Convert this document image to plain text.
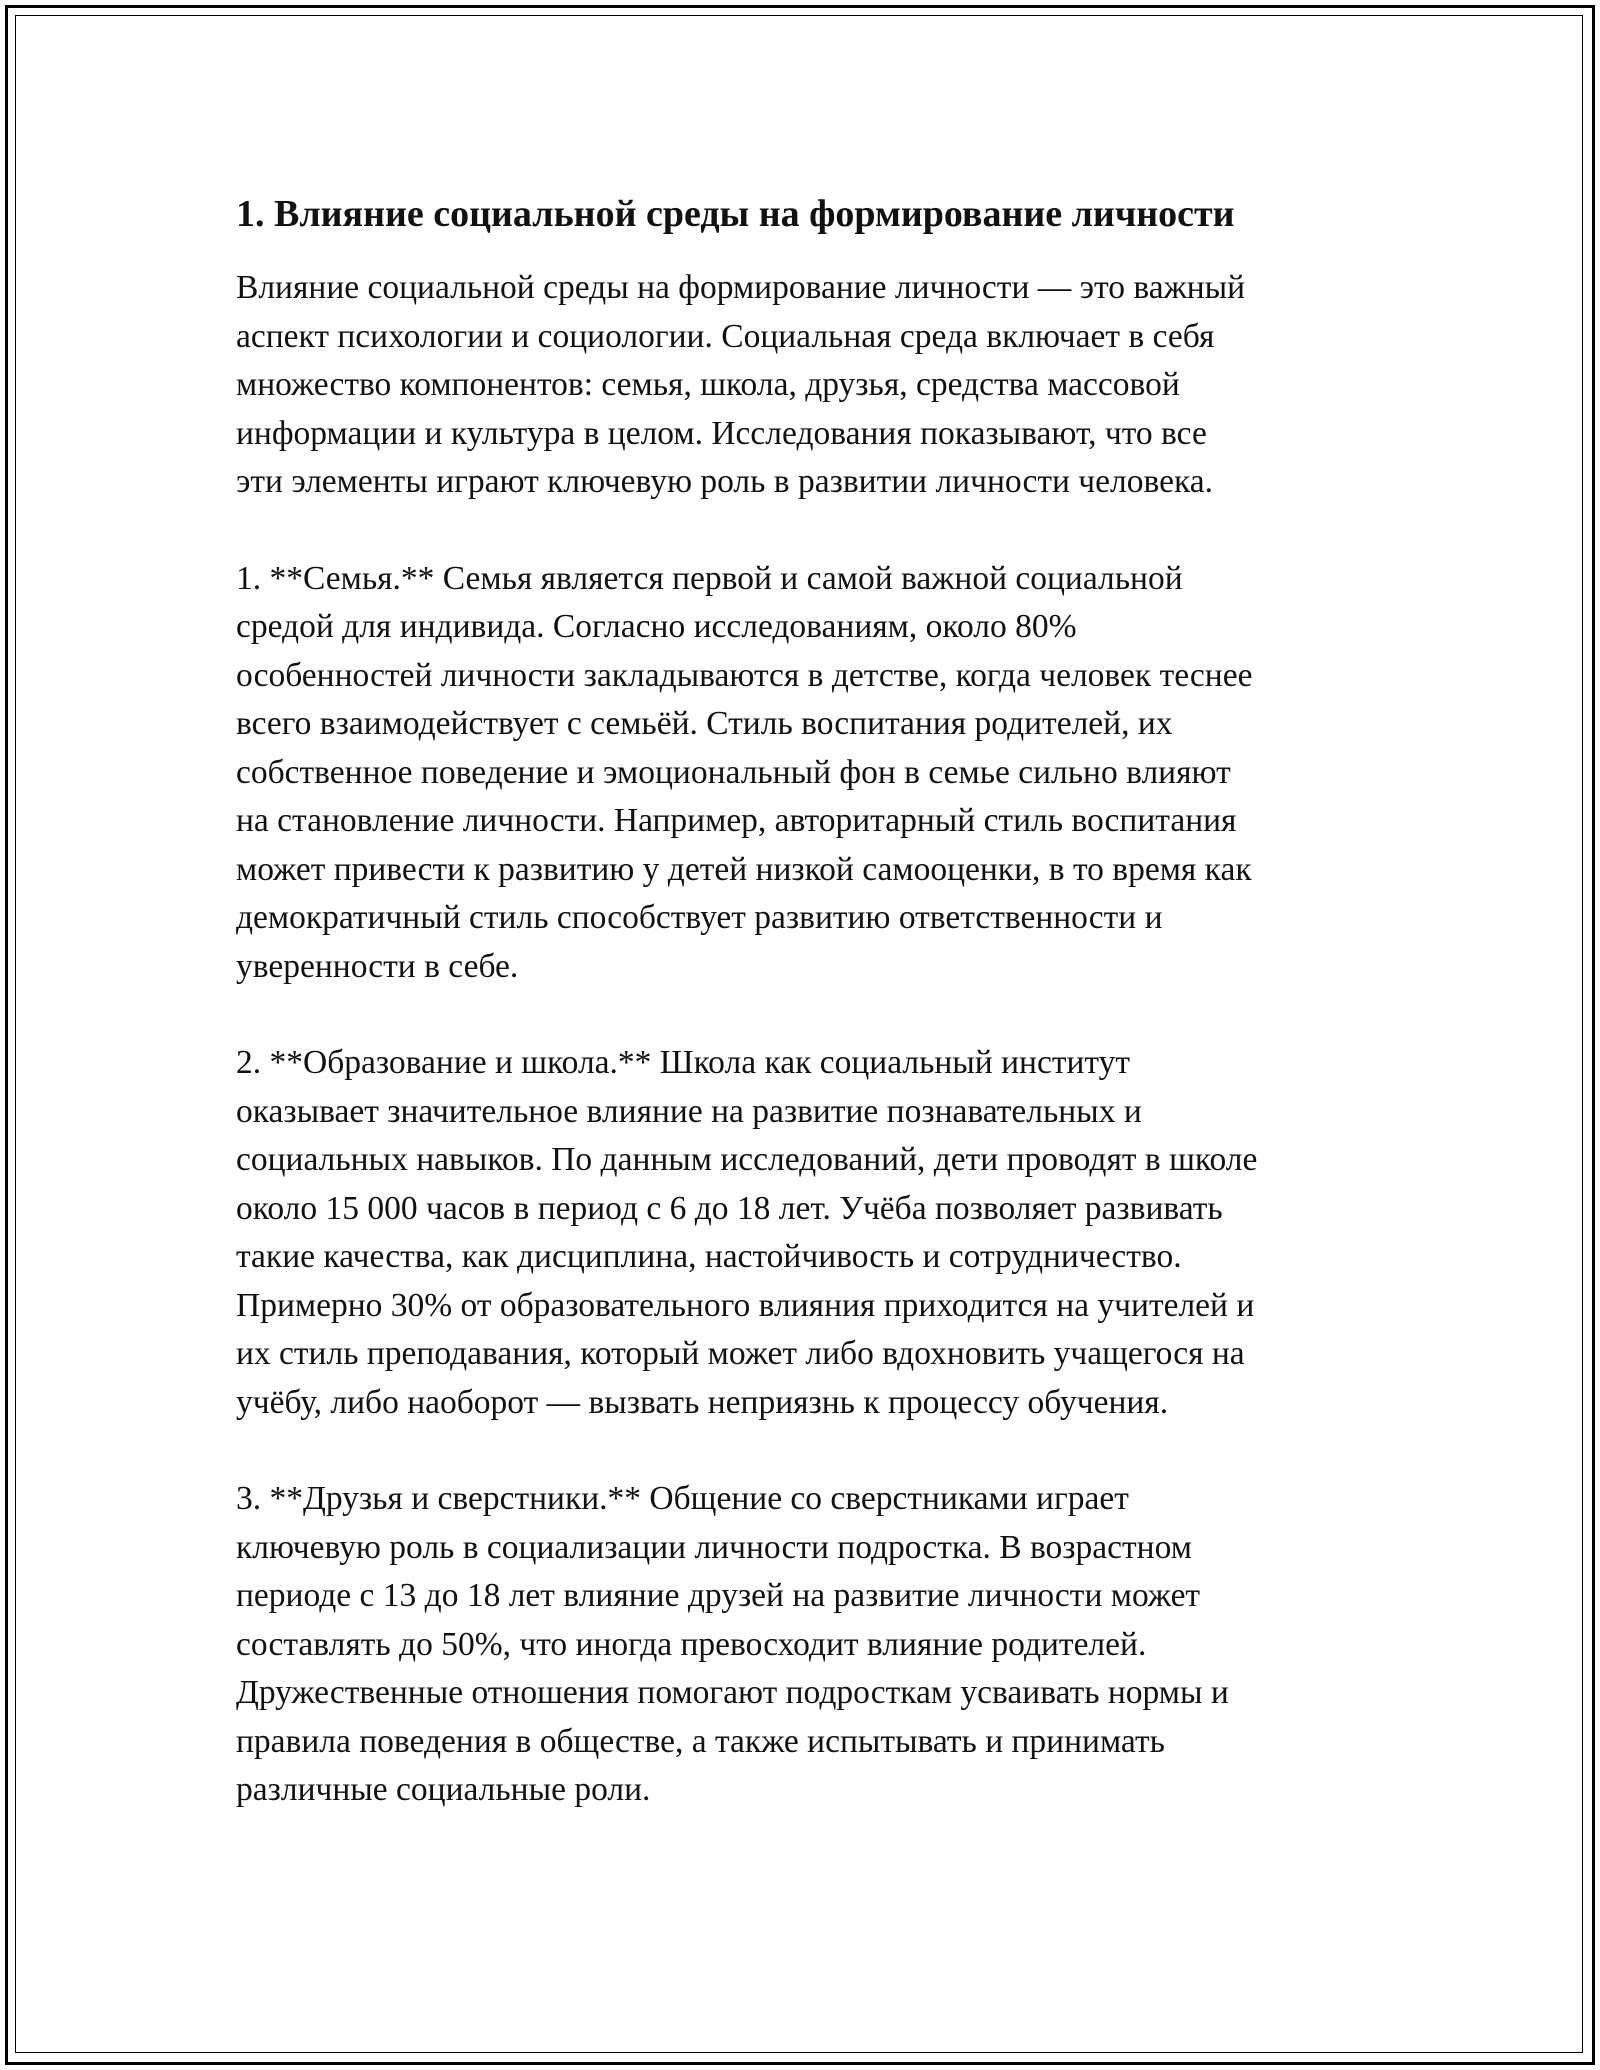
1. Влияние социальной среды на формирование личности

Влияние социальной среды на формирование личности — это важный
аспект психологии и социологии. Социальная среда включает в себя
множество компонентов: семья, школа, друзья, средства массовой
информации и культура в целом. Исследования показывают, что все
эти элементы играют ключевую роль в развитии личности человека.

1. **Семья.** Семья является первой и самой важной социальной
средой для индивида. Согласно исследованиям, около 80%
особенностей личности закладываются в детстве, когда человек теснее
всего взаимодействует с семьёй. Стиль воспитания родителей, их
собственное поведение и эмоциональный фон в семье сильно влияют
на становление личности. Например, авторитарный стиль воспитания
может привести к развитию у детей низкой самооценки, в то время как
демократичный стиль способствует развитию ответственности и
уверенности в себе.

2. **Образование и школа.** Школа как социальный институт
оказывает значительное влияние на развитие познавательных и
социальных навыков. По данным исследований, дети проводят в школе
около 15 000 часов в период с 6 до 18 лет. Учёба позволяет развивать
такие качества, как дисциплина, настойчивость и сотрудничество.
Примерно 30% от образовательного влияния приходится на учителей и
их стиль преподавания, который может либо вдохновить учащегося на
учёбу, либо наоборот — вызвать неприязнь к процессу обучения.

3. **Друзья и сверстники.** Общение со сверстниками играет
ключевую роль в социализации личности подростка. В возрастном
периоде с 13 до 18 лет влияние друзей на развитие личности может
составлять до 50%, что иногда превосходит влияние родителей.
Дружественные отношения помогают подросткам усваивать нормы и
правила поведения в обществе, а также испытывать и принимать
различные социальные роли.
